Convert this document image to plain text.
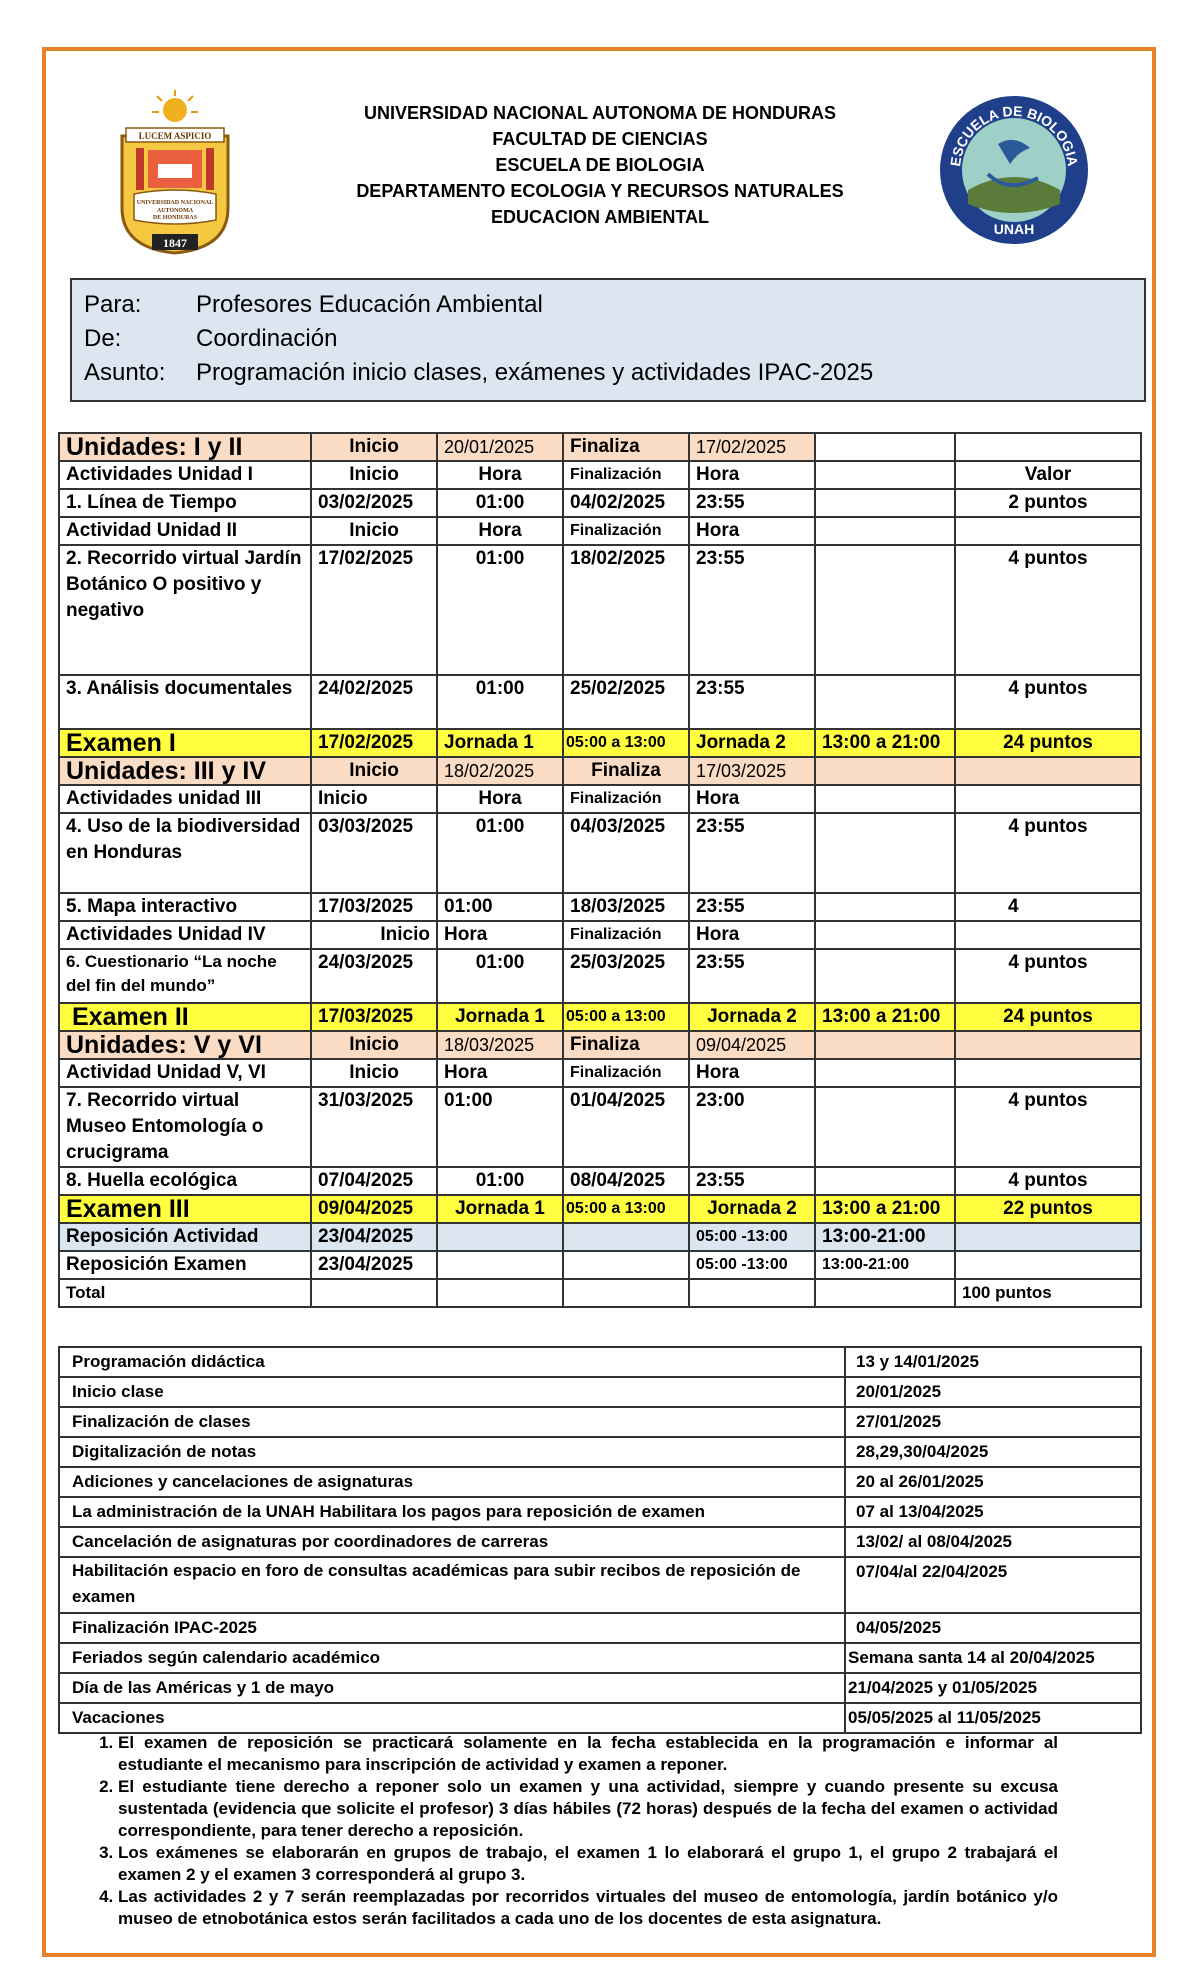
LUCEM ASPICIO
UNIVERSIDAD NACIONAL
AUTONOMA
DE HONDURAS
1847
UNIVERSIDAD NACIONAL AUTONOMA DE HONDURAS
FACULTAD DE CIENCIAS
ESCUELA DE BIOLOGIA
DEPARTAMENTO ECOLOGIA Y RECURSOS NATURALES
EDUCACION AMBIENTAL
ESCUELA DE BIOLOGIA
UNAH
Para:	Profesores Educación Ambiental
De:	Coordinación
Asunto:	Programación inicio clases, exámenes y actividades IPAC-2025
Unidades: I y II	Inicio	20/01/2025	Finaliza	17/02/2025		
Actividades Unidad I	Inicio	Hora	Finalización	Hora		Valor
1. Línea de Tiempo	03/02/2025	01:00	04/02/2025	23:55		2 puntos
Actividad Unidad II	Inicio	Hora	Finalización	Hora		
2. Recorrido virtual Jardín Botánico O positivo y negativo	17/02/2025	01:00	18/02/2025	23:55		4 puntos
3. Análisis documentales	24/02/2025	01:00	25/02/2025	23:55		4 puntos
Examen I	17/02/2025	Jornada 1	05:00 a 13:00	Jornada 2	13:00 a 21:00	24 puntos
Unidades: III y IV	Inicio	18/02/2025	Finaliza	17/03/2025		
Actividades unidad III	Inicio	Hora	Finalización	Hora		
4. Uso de la biodiversidad en Honduras	03/03/2025	01:00	04/03/2025	23:55		4 puntos
5. Mapa interactivo	17/03/2025	01:00	18/03/2025	23:55		4
Actividades Unidad IV	Inicio	Hora	Finalización	Hora		
6. Cuestionario “La noche del fin del mundo”	24/03/2025	01:00	25/03/2025	23:55		4 puntos
Examen II	17/03/2025	Jornada 1	05:00 a 13:00	Jornada 2	13:00 a 21:00	24 puntos
Unidades: V y VI	Inicio	18/03/2025	Finaliza	09/04/2025		
Actividad Unidad V, VI	Inicio	Hora	Finalización	Hora		
7. Recorrido virtual Museo Entomología o crucigrama	31/03/2025	01:00	01/04/2025	23:00		4 puntos
8. Huella ecológica	07/04/2025	01:00	08/04/2025	23:55		4 puntos
Examen III	09/04/2025	Jornada 1	05:00 a 13:00	Jornada 2	13:00 a 21:00	22 puntos
Reposición Actividad	23/04/2025			05:00 -13:00	13:00-21:00	
Reposición Examen	23/04/2025			05:00 -13:00	13:00-21:00	
Total						100 puntos
Programación didáctica	13 y 14/01/2025
Inicio clase	20/01/2025
Finalización de clases	27/01/2025
Digitalización de notas	28,29,30/04/2025
Adiciones y cancelaciones de asignaturas	20 al 26/01/2025
La administración de la UNAH Habilitara los pagos para reposición de examen	07 al 13/04/2025
Cancelación de asignaturas por coordinadores de carreras	13/02/ al 08/04/2025
Habilitación espacio en foro de consultas académicas para subir recibos de reposición de examen	07/04/al 22/04/2025
Finalización IPAC-2025	04/05/2025
Feriados según calendario académico	Semana santa 14 al 20/04/2025
Día de las Américas y 1 de mayo	21/04/2025 y 01/05/2025
Vacaciones	05/05/2025 al 11/05/2025
1. El examen de reposición se practicará solamente en la fecha establecida en la programación e informar al estudiante el mecanismo para inscripción de actividad y examen a reponer.
2. El estudiante tiene derecho a reponer solo un examen y una actividad, siempre y cuando presente su excusa sustentada (evidencia que solicite el profesor) 3 días hábiles (72 horas) después de la fecha del examen o actividad correspondiente, para tener derecho a reposición.
3. Los exámenes se elaborarán en grupos de trabajo, el examen 1 lo elaborará el grupo 1, el grupo 2 trabajará el examen 2 y el examen 3 corresponderá al grupo 3.
4. Las actividades 2 y 7 serán reemplazadas por recorridos virtuales del museo de entomología, jardín botánico y/o museo de etnobotánica estos serán facilitados a cada uno de los docentes de esta asignatura.
